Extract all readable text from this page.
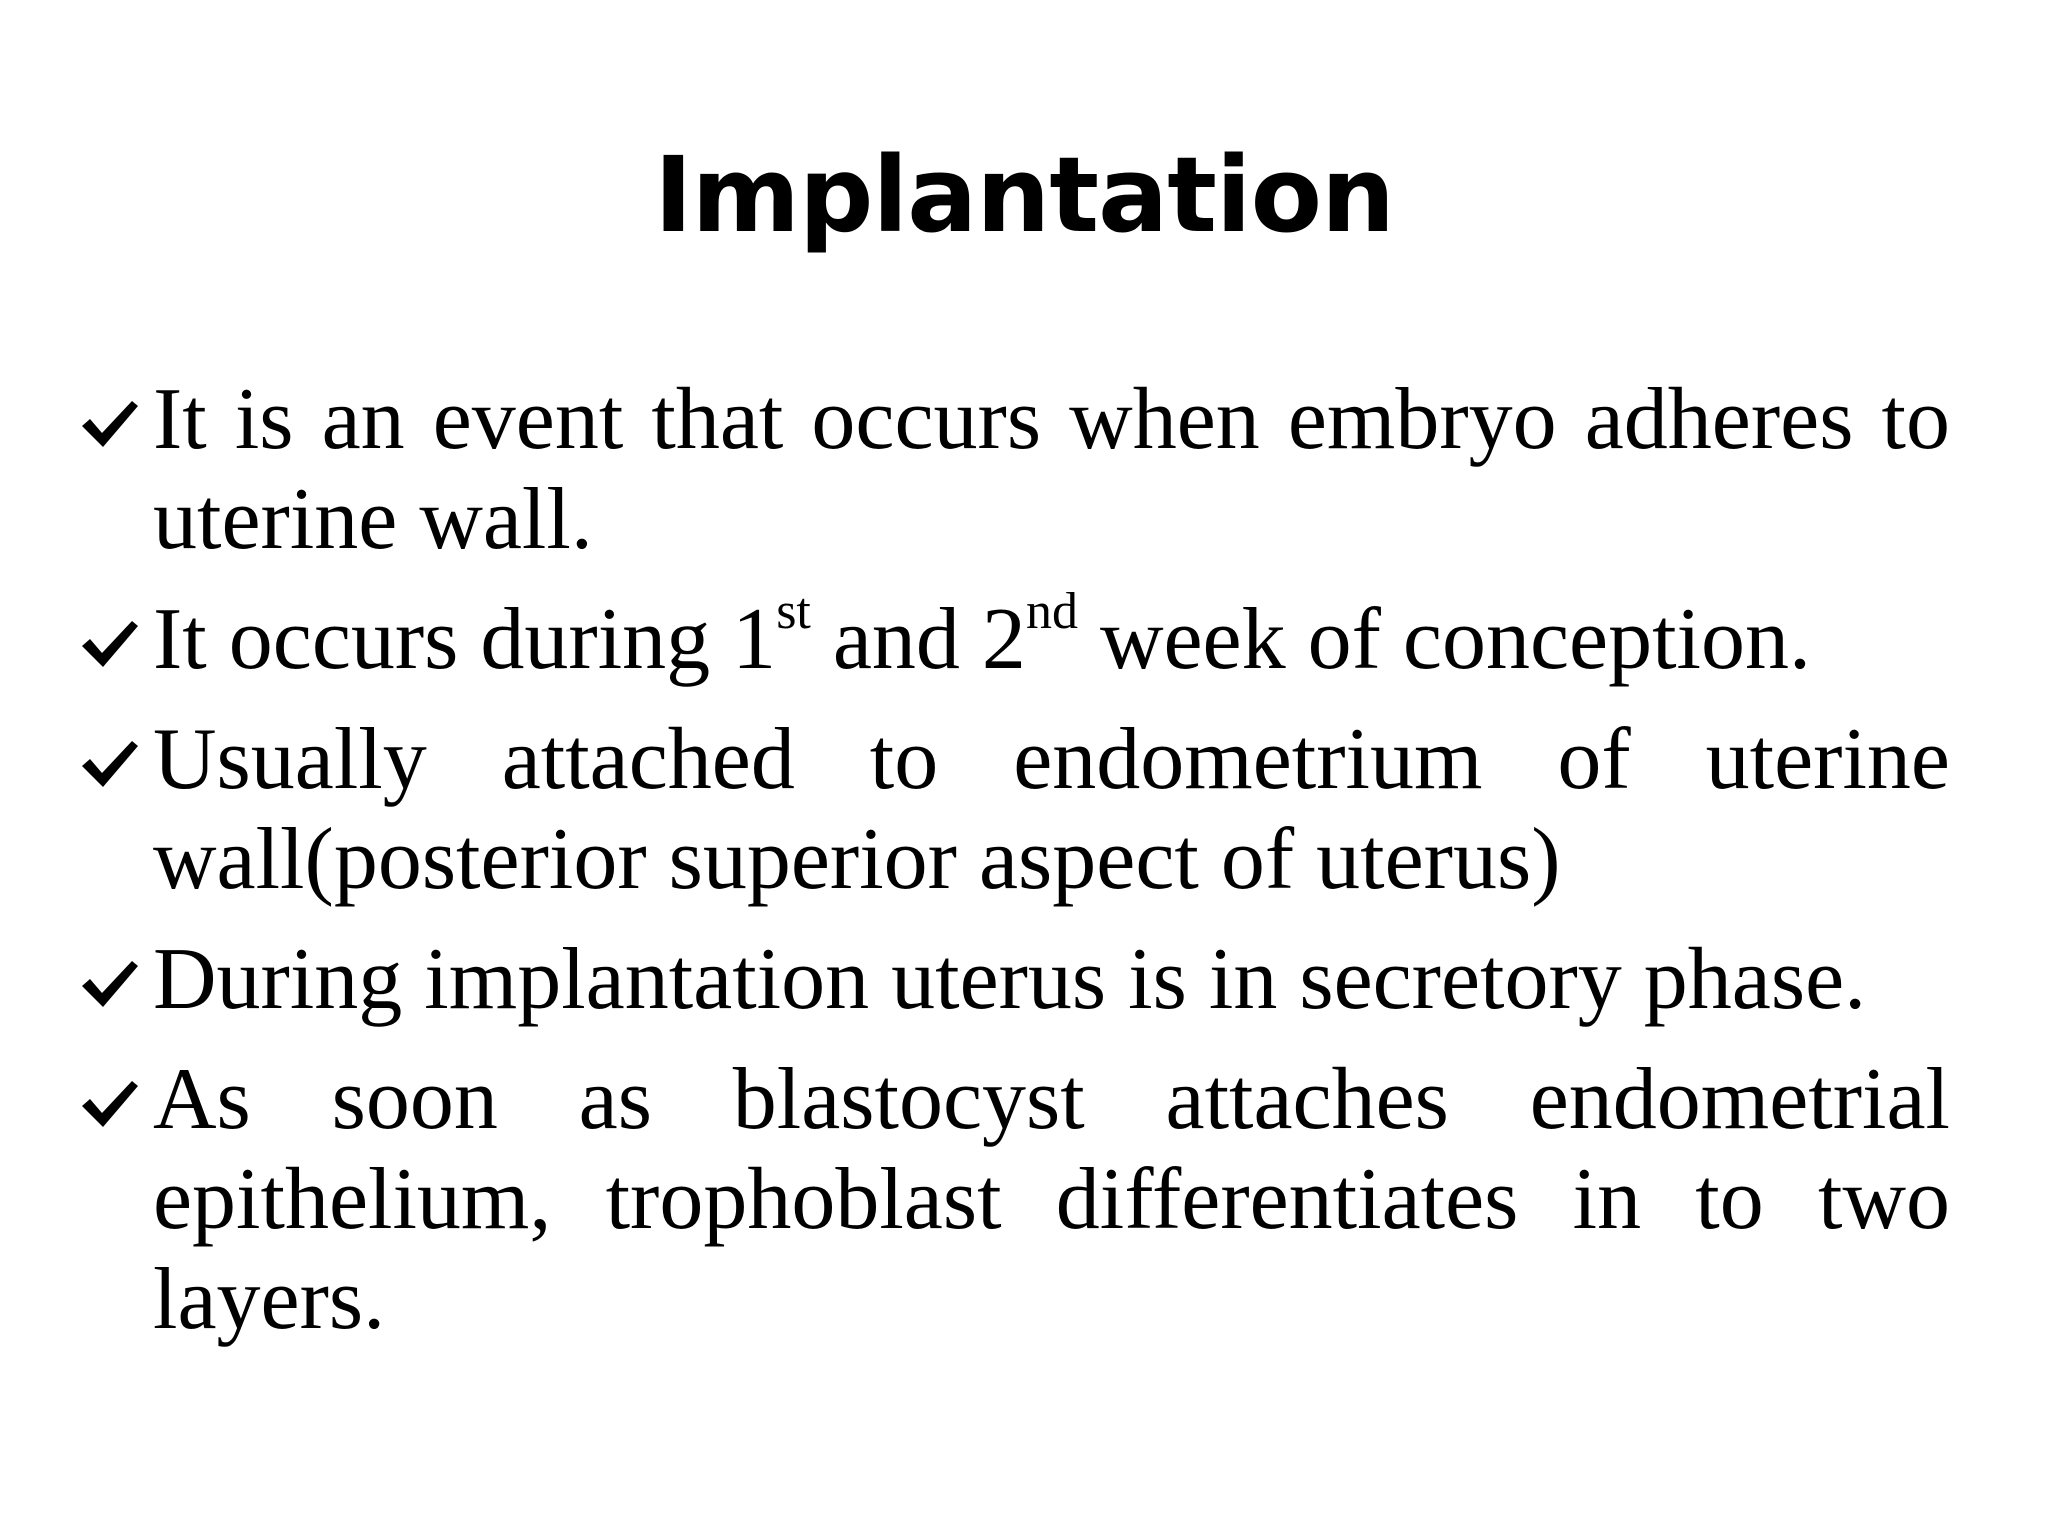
Implantation
It is an event that occurs when embryo adheres to uterine wall.
It occurs during 1st and 2nd week of conception.
Usually attached to endometrium of uterine wall(posterior superior aspect of uterus)
During implantation uterus is in secretory phase.
As soon as blastocyst attaches endometrial epithelium, trophoblast differentiates in to two layers.
